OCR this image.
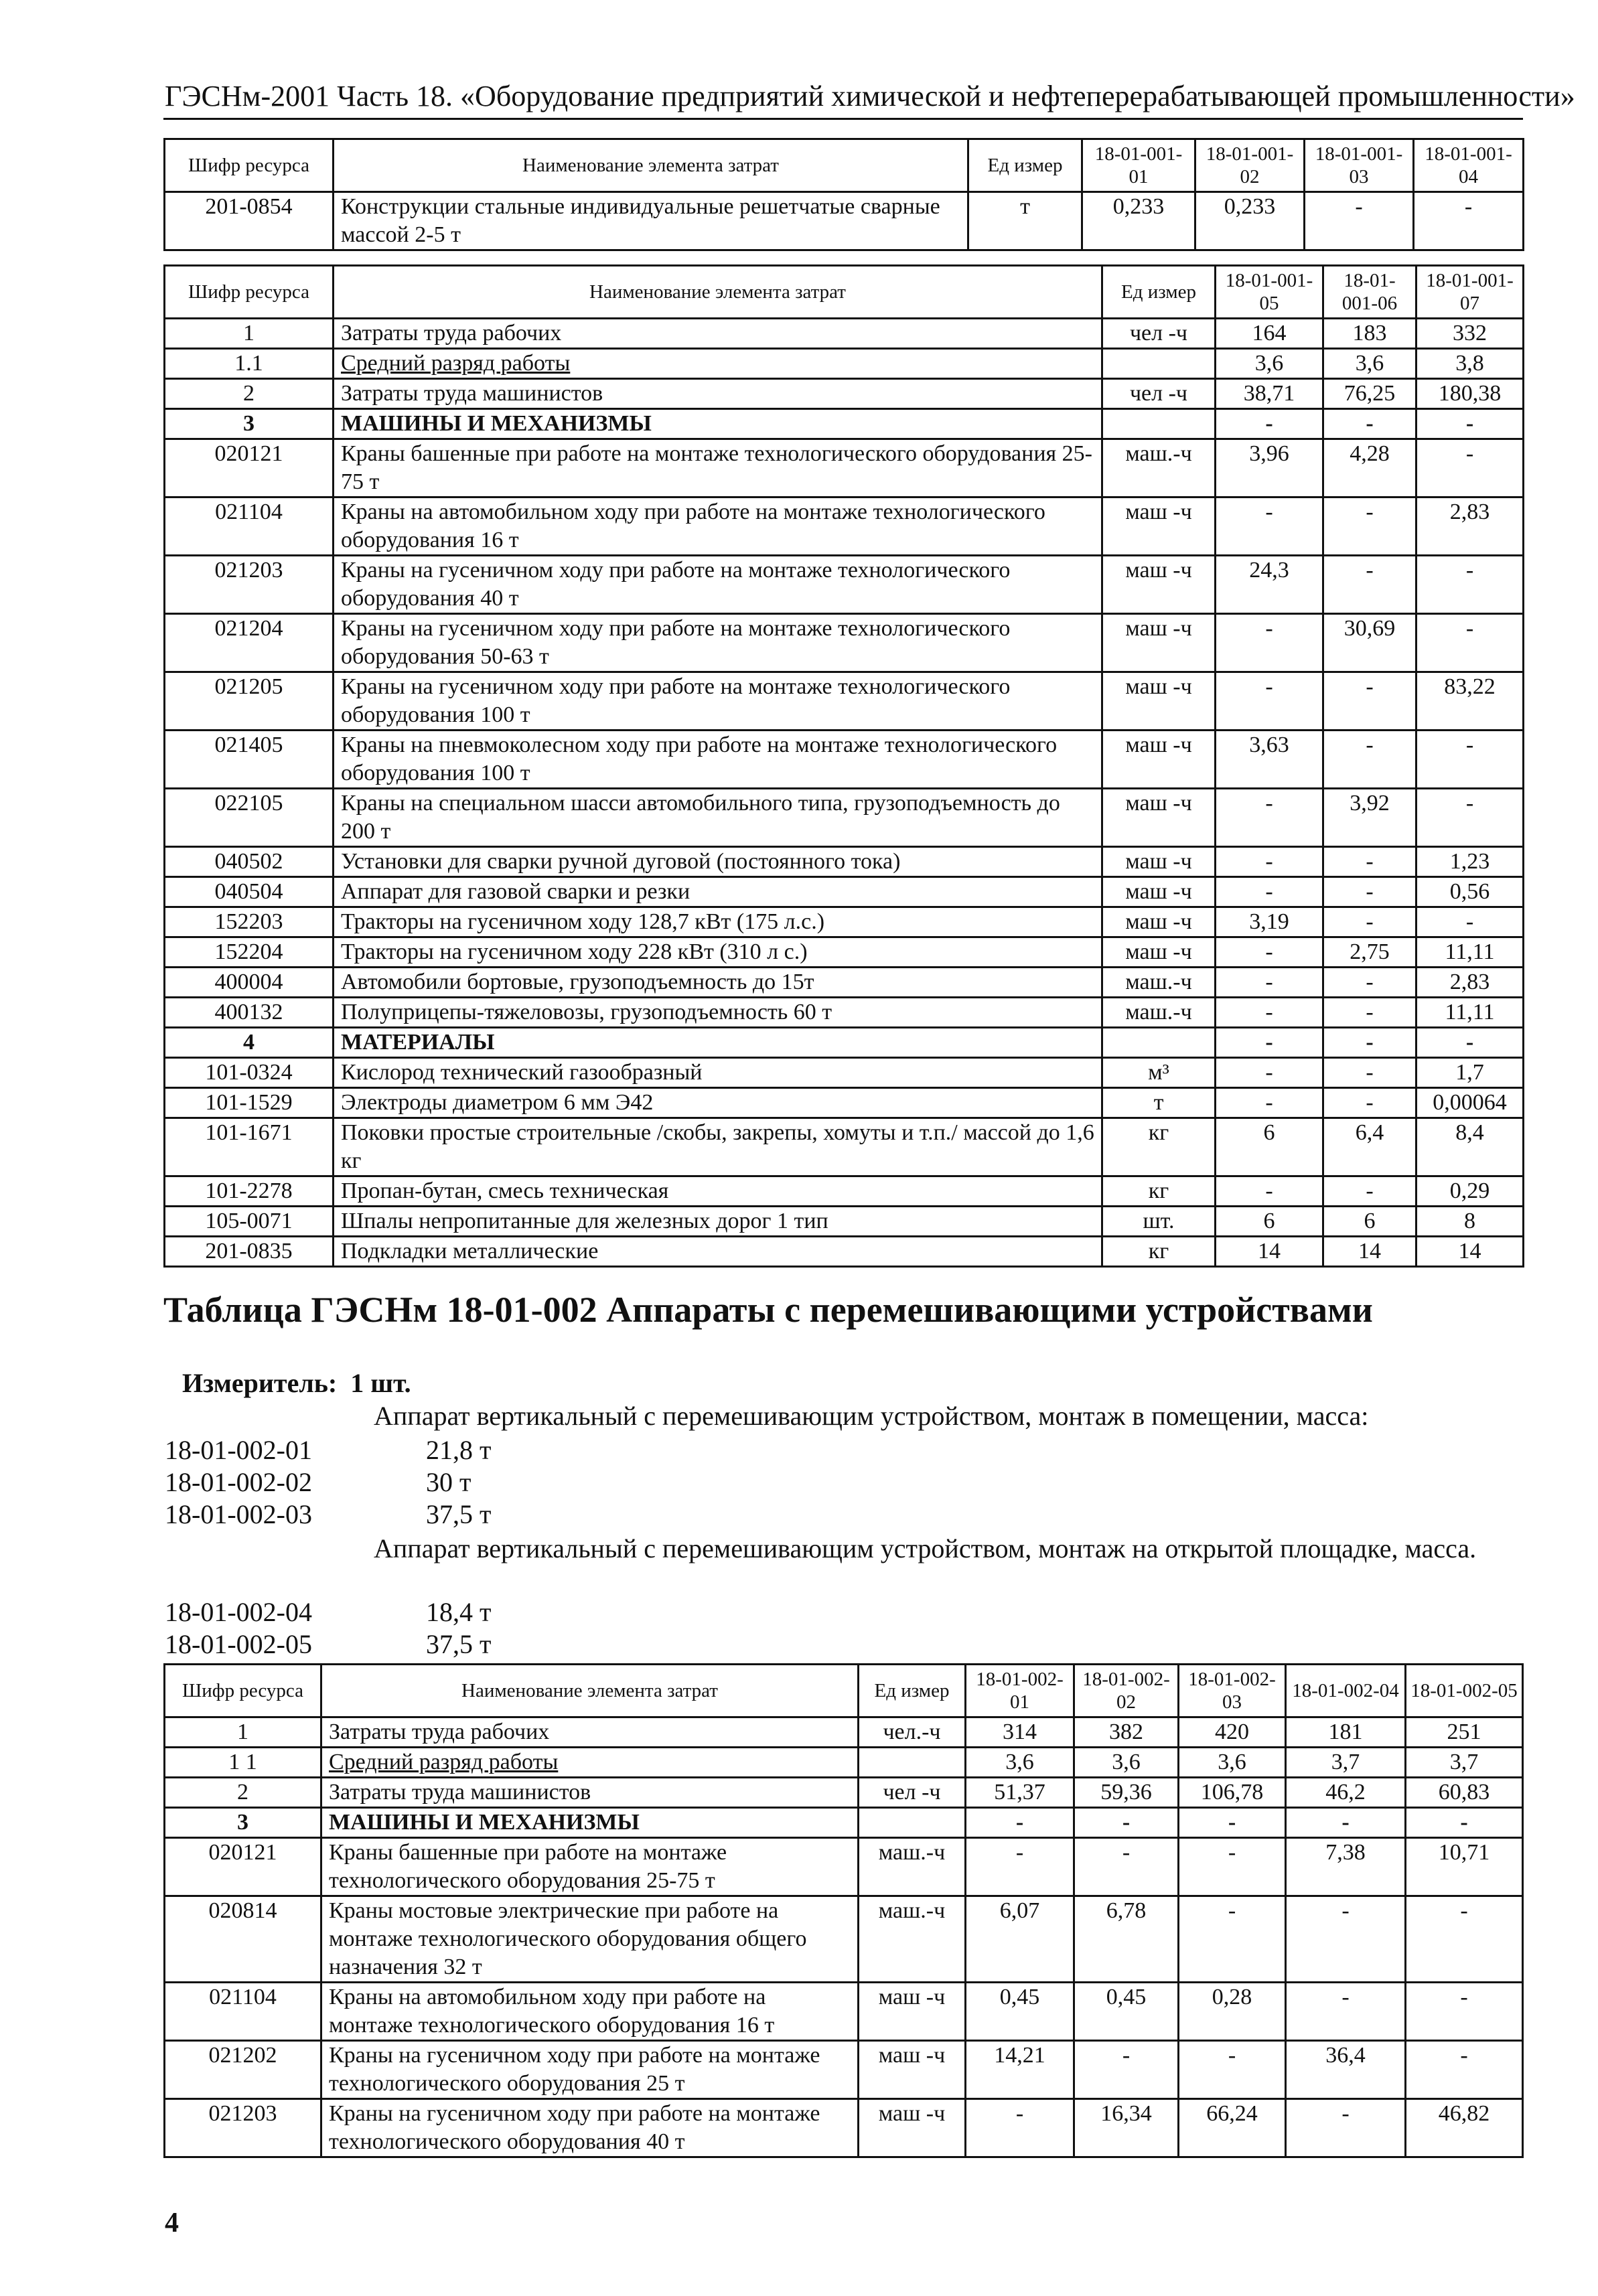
ГЭСНм-2001 Часть 18. «Оборудование предприятий химической и нефтеперерабатывающей промышленности»
Шифр ресурса	Наименование элемента затрат	Ед измер	18-01-001-01	18-01-001-02	18-01-001-03	18-01-001-04
201-0854	Конструкции стальные индивидуальные решетчатые сварные массой 2-5 т	т	0,233	0,233	-	-
Шифр ресурса	Наименование элемента затрат	Ед измер	18-01-001-05	18-01-001-06	18-01-001-07
1	Затраты труда рабочих	чел -ч	164	183	332
1.1	Средний разряд работы		3,6	3,6	3,8
2	Затраты труда машинистов	чел -ч	38,71	76,25	180,38
3	МАШИНЫ И МЕХАНИЗМЫ		-	-	-
020121	Краны башенные при работе на монтаже технологического оборудования 25-75 т	маш.-ч	3,96	4,28	-
021104	Краны на автомобильном ходу при работе на монтаже технологического оборудования 16 т	маш -ч	-	-	2,83
021203	Краны на гусеничном ходу при работе на монтаже технологического оборудования 40 т	маш -ч	24,3	-	-
021204	Краны на гусеничном ходу при работе на монтаже технологического оборудования 50-63 т	маш -ч	-	30,69	-
021205	Краны на гусеничном ходу при работе на монтаже технологического оборудования 100 т	маш -ч	-	-	83,22
021405	Краны на пневмоколесном ходу при работе на монтаже технологического оборудования 100 т	маш -ч	3,63	-	-
022105	Краны на специальном шасси автомобильного типа, грузоподъемность до 200 т	маш -ч	-	3,92	-
040502	Установки для сварки ручной дуговой (постоянного тока)	маш -ч	-	-	1,23
040504	Аппарат для газовой сварки и резки	маш -ч	-	-	0,56
152203	Тракторы на гусеничном ходу 128,7 кВт (175 л.с.)	маш -ч	3,19	-	-
152204	Тракторы на гусеничном ходу 228 кВт (310 л с.)	маш -ч	-	2,75	11,11
400004	Автомобили бортовые, грузоподъемность до 15т	маш.-ч	-	-	2,83
400132	Полуприцепы-тяжеловозы, грузоподъемность 60 т	маш.-ч	-	-	11,11
4	МАТЕРИАЛЫ		-	-	-
101-0324	Кислород технический газообразный	м³	-	-	1,7
101-1529	Электроды диаметром 6 мм Э42	т	-	-	0,00064
101-1671	Поковки простые строительные /скобы, закрепы, хомуты и т.п./ массой до 1,6 кг	кг	6	6,4	8,4
101-2278	Пропан-бутан, смесь техническая	кг	-	-	0,29
105-0071	Шпалы непропитанные для железных дорог 1 тип	шт.	6	6	8
201-0835	Подкладки металлические	кг	14	14	14
Таблица ГЭСНм 18-01-002 Аппараты с перемешивающими устройствами
Измеритель: 1 шт.
Аппарат вертикальный с перемешивающим устройством, монтаж в помещении, масса:
18-01-002-01	21,8 т
18-01-002-02	30 т
18-01-002-03	37,5 т
Аппарат вертикальный с перемешивающим устройством, монтаж на открытой площадке, масса.
18-01-002-04	18,4 т
18-01-002-05	37,5 т
Шифр ресурса	Наименование элемента затрат	Ед измер	18-01-002-01	18-01-002-02	18-01-002-03	18-01-002-04	18-01-002-05
1	Затраты труда рабочих	чел.-ч	314	382	420	181	251
1 1	Средний разряд работы		3,6	3,6	3,6	3,7	3,7
2	Затраты труда машинистов	чел -ч	51,37	59,36	106,78	46,2	60,83
3	МАШИНЫ И МЕХАНИЗМЫ		-	-	-	-	-
020121	Краны башенные при работе на монтаже технологического оборудования 25-75 т	маш.-ч	-	-	-	7,38	10,71
020814	Краны мостовые электрические при работе на монтаже технологического оборудования общего назначения 32 т	маш.-ч	6,07	6,78	-	-	-
021104	Краны на автомобильном ходу при работе на монтаже технологического оборудования 16 т	маш -ч	0,45	0,45	0,28	-	-
021202	Краны на гусеничном ходу при работе на монтаже технологического оборудования 25 т	маш -ч	14,21	-	-	36,4	-
021203	Краны на гусеничном ходу при работе на монтаже технологического оборудования 40 т	маш -ч	-	16,34	66,24	-	46,82
4
